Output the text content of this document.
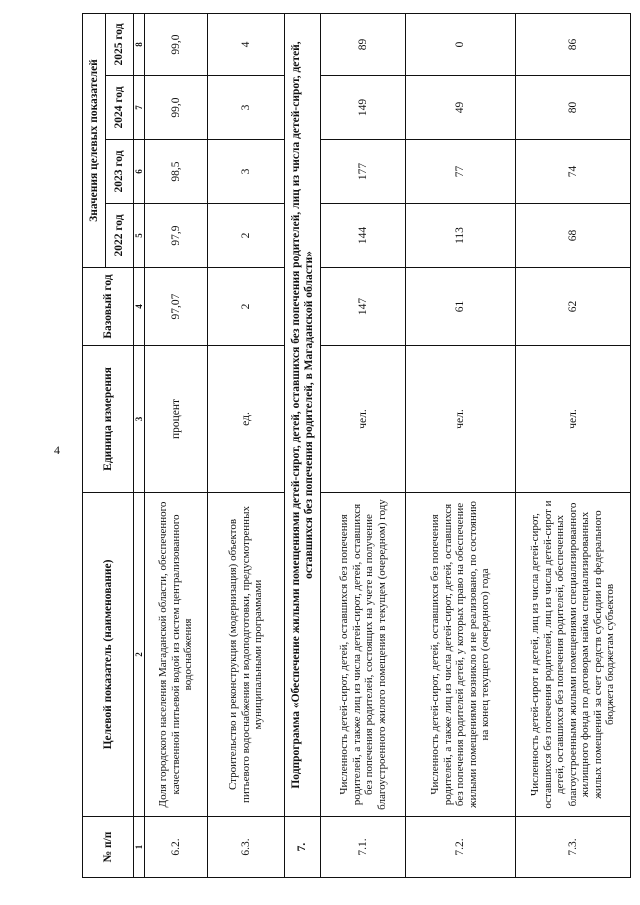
4
№ п/п	Целевой показатель (наименование)	Единица измерения	Базовый год	Значения целевых показателей			
				2022 год	2023 год	2024 год	2025 год
1	2	3	4	5	6	7	8
6.2.	Доля городского населения Магаданской области, обеспеченного качественной питьевой водой из систем централизованного водоснабжения	процент	97,07	97,9	98,5	99,0	99,0
6.3.	Строительство и реконструкция (модернизация) объектов питьевого водоснабжения и водоподготовки, предусмотренных муниципальными программами	ед.	2	2	3	3	4
7.	Подпрограмма «Обеспечение жилыми помещениями детей-сирот, детей, оставшихся без попечения родителей, лиц из числа детей-сирот, детей, оставшихся без попечения родителей, в Магаданской области»						
7.1.	Численность детей-сирот, детей, оставшихся без попечения родителей, а также лиц из числа детей-сирот, детей, оставшихся без попечения родителей, состоящих на учете на получение благоустроенного жилого помещения в текущем (очередном) году	чел.	147	144	177	149	89
7.2.	Численность детей-сирот, детей, оставшихся без попечения родителей, а также лиц из числа детей-сирот, детей, оставшихся без попечения родителей детей, у которых право на обеспечение жилыми помещениями возникло и не реализовано, по состоянию на конец текущего (очередного) года	чел.	61	113	77	49	0
7.3.	Численность детей-сирот и детей, лиц из числа детей-сирот, оставшихся без попечения родителей, лиц из числа детей-сирот и детей, оставшихся без попечения родителей, обеспеченных благоустроенными жилыми помещениями специализированного жилищного фонда по договорам найма специализированных жилых помещений за счет средств субсидии из федерального бюджета бюджетам субъектов	чел.	62	68	74	80	86
